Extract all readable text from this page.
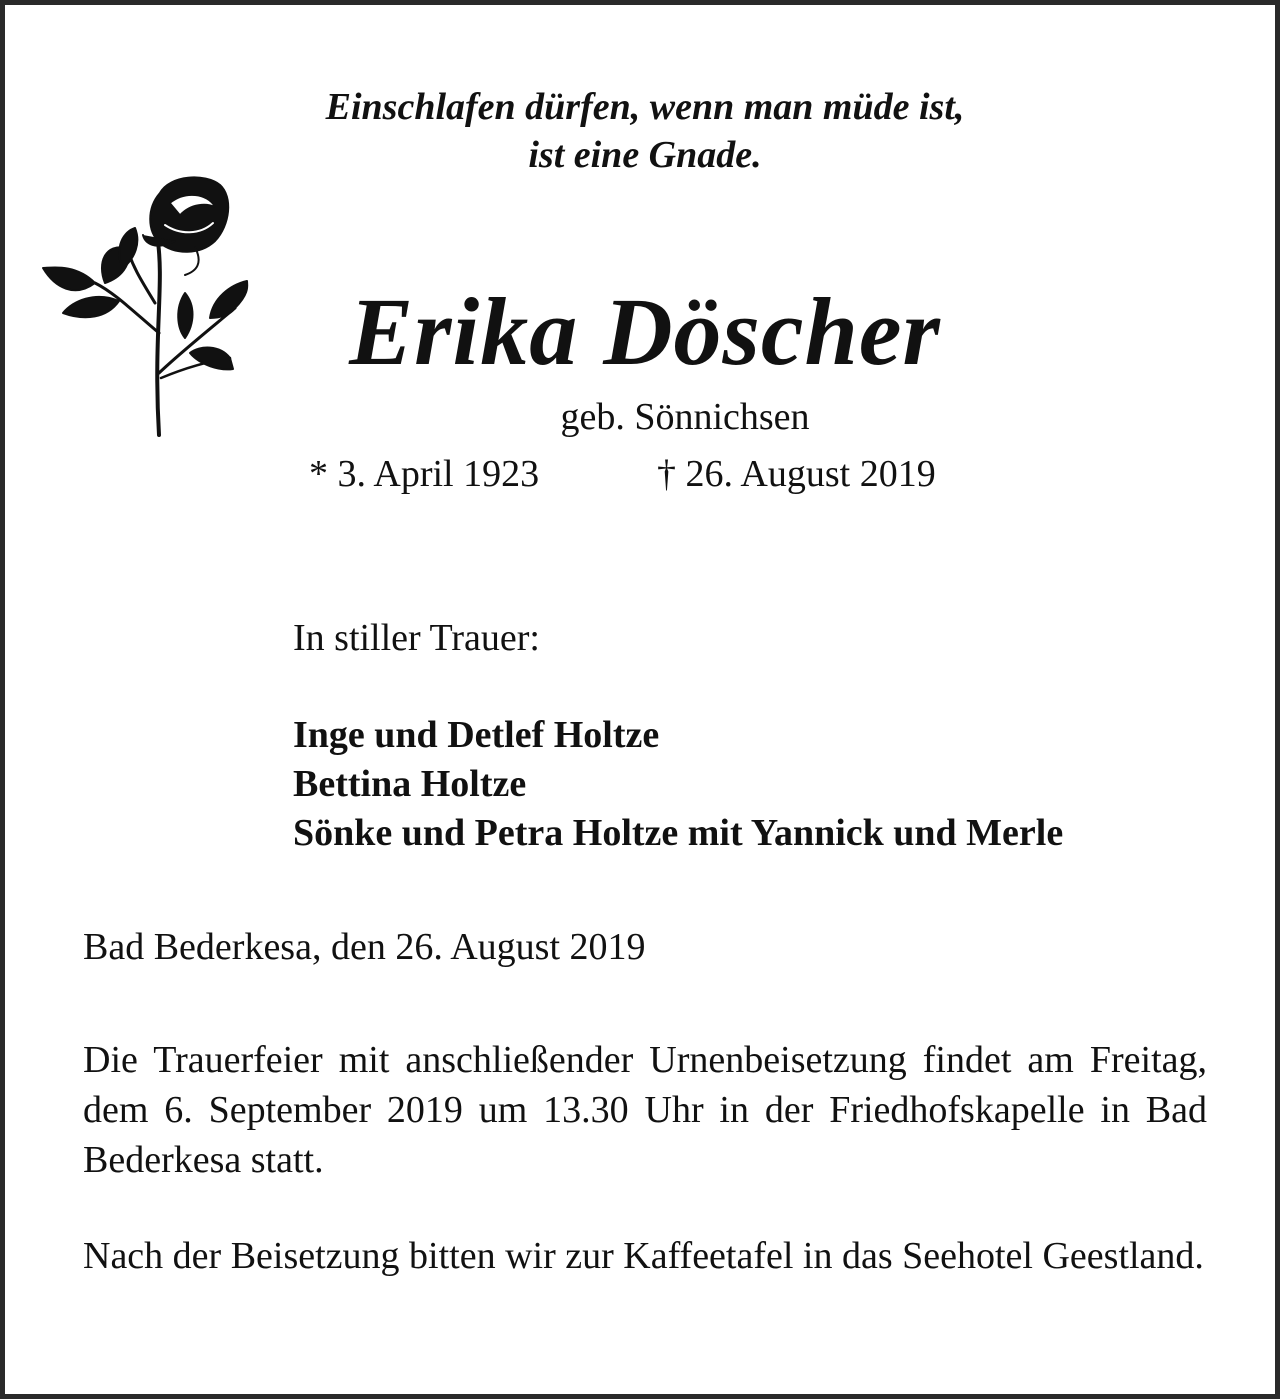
Einschlafen dürfen, wenn man müde ist,

ist eine Gnade.

Erika Döscher

geb. Sönnichsen

* 3. April 1923	† 26. August 2019

In stiller Trauer:

Inge und Detlef Holtze

Bettina Holtze

Sönke und Petra Holtze mit Yannick und Merle

Bad Bederkesa, den 26. August 2019

Die Trauerfeier mit anschließender Urnenbeisetzung findet am Freitag, dem 6. September 2019 um 13.30 Uhr in der Friedhofskapelle in Bad Bederkesa statt.

Nach der Beisetzung bitten wir zur Kaffeetafel in das Seehotel Geestland.
